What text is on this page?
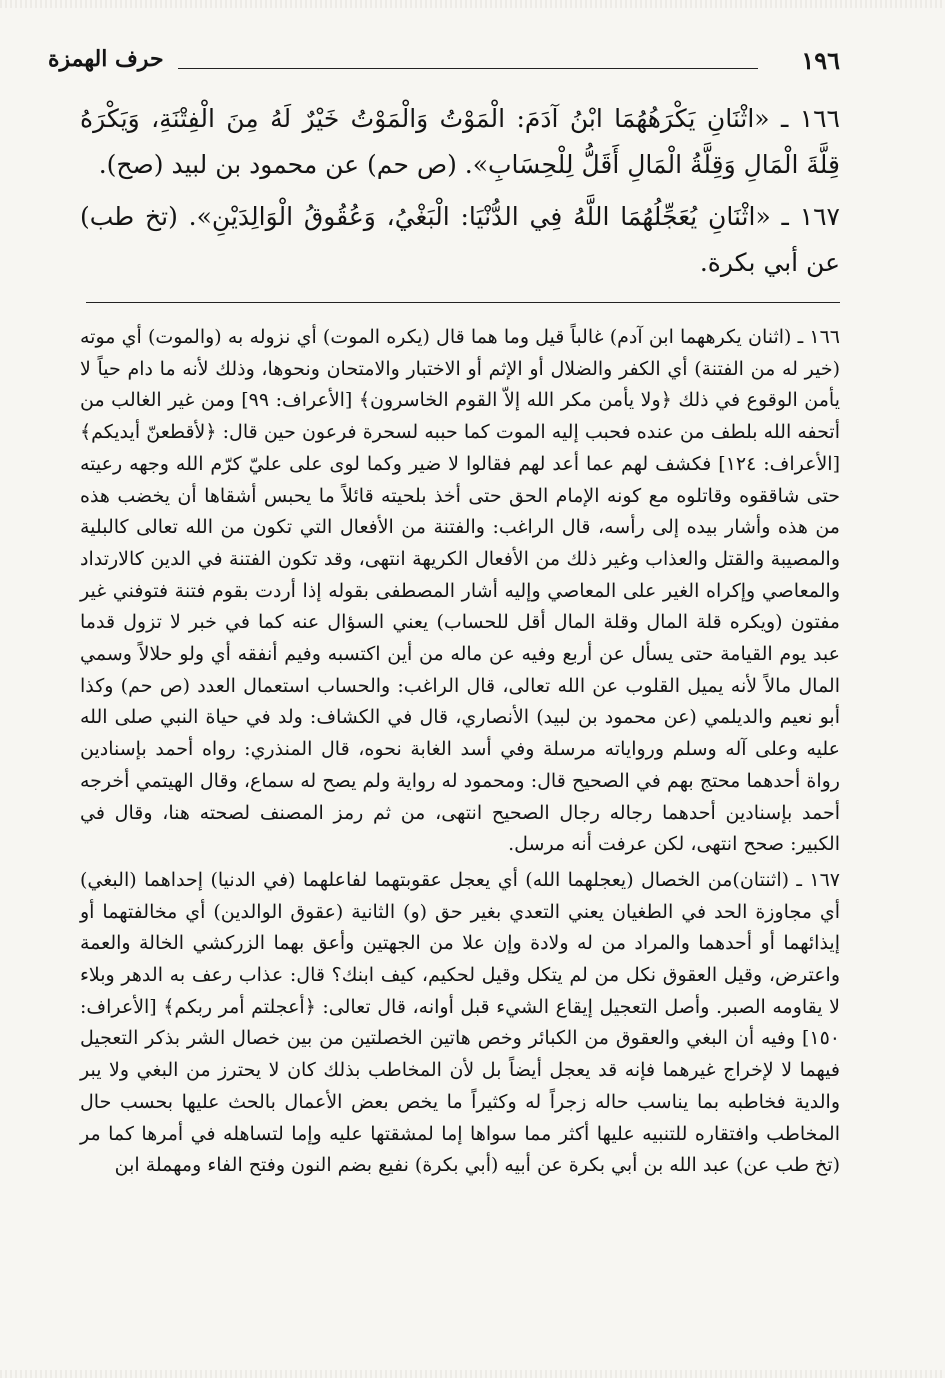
١٩٦
حرف الهمزة

١٦٦ ـ «اثْنَانِ يَكْرَهُهُمَا ابْنُ آدَمَ: الْمَوْتُ وَالْمَوْتُ خَيْرٌ لَهُ مِنَ الْفِتْنَةِ، وَيَكْرَهُ قِلَّةَ الْمَالِ وَقِلَّةُ الْمَالِ أَقَلُّ لِلْحِسَابِ». (ص حم) عن محمود بن لبيد (صح).

١٦٧ ـ «اثْنَانِ يُعَجِّلُهُمَا اللَّهُ فِي الدُّنْيَا: الْبَغْيُ، وَعُقُوقُ الْوَالِدَيْنِ». (تخ طب) عن أبي بكرة.

١٦٦ ـ (اثنان يكرههما ابن آدم) غالباً قيل وما هما قال (يكره الموت) أي نزوله به (والموت) أي موته (خير له من الفتنة) أي الكفر والضلال أو الإثم أو الاختبار والامتحان ونحوها، وذلك لأنه ما دام حياً لا يأمن الوقوع في ذلك ﴿ولا يأمن مكر الله إلاّ القوم الخاسرون﴾ [الأعراف: ٩٩] ومن غير الغالب من أتحفه الله بلطف من عنده فحبب إليه الموت كما حببه لسحرة فرعون حين قال: ﴿لأقطعنّ أيديكم﴾ [الأعراف: ١٢٤] فكشف لهم عما أعد لهم فقالوا لا ضير وكما لوى على عليّ كرّم الله وجهه رعيته حتى شاققوه وقاتلوه مع كونه الإمام الحق حتى أخذ بلحيته قائلاً ما يحبس أشقاها أن يخضب هذه من هذه وأشار بيده إلى رأسه، قال الراغب: والفتنة من الأفعال التي تكون من الله تعالى كالبلية والمصيبة والقتل والعذاب وغير ذلك من الأفعال الكريهة انتهى، وقد تكون الفتنة في الدين كالارتداد والمعاصي وإكراه الغير على المعاصي وإليه أشار المصطفى بقوله إذا أردت بقوم فتنة فتوفني غير مفتون (ويكره قلة المال وقلة المال أقل للحساب) يعني السؤال عنه كما في خبر لا تزول قدما عبد يوم القيامة حتى يسأل عن أربع وفيه عن ماله من أين اكتسبه وفيم أنفقه أي ولو حلالاً وسمي المال مالاً لأنه يميل القلوب عن الله تعالى، قال الراغب: والحساب استعمال العدد (ص حم) وكذا أبو نعيم والديلمي (عن محمود بن لبيد) الأنصاري، قال في الكشاف: ولد في حياة النبي صلى الله عليه وعلى آله وسلم ورواياته مرسلة وفي أسد الغابة نحوه، قال المنذري: رواه أحمد بإسنادين رواة أحدهما محتج بهم في الصحيح قال: ومحمود له رواية ولم يصح له سماع، وقال الهيتمي أخرجه أحمد بإسنادين أحدهما رجاله رجال الصحيح انتهى، من ثم رمز المصنف لصحته هنا، وقال في الكبير: صحح انتهى، لكن عرفت أنه مرسل.

١٦٧ ـ (اثنتان)من الخصال (يعجلهما الله) أي يعجل عقوبتهما لفاعلهما (في الدنيا) إحداهما (البغي) أي مجاوزة الحد في الطغيان يعني التعدي بغير حق (و) الثانية (عقوق الوالدين) أي مخالفتهما أو إيذائهما أو أحدهما والمراد من له ولادة وإن علا من الجهتين وأعق بهما الزركشي الخالة والعمة واعترض، وقيل العقوق نكل من لم يتكل وقيل لحكيم، كيف ابنك؟ قال: عذاب رعف به الدهر وبلاء لا يقاومه الصبر. وأصل التعجيل إيقاع الشيء قبل أوانه، قال تعالى: ﴿أعجلتم أمر ربكم﴾ [الأعراف: ١٥٠] وفيه أن البغي والعقوق من الكبائر وخص هاتين الخصلتين من بين خصال الشر بذكر التعجيل فيهما لا لإخراج غيرهما فإنه قد يعجل أيضاً بل لأن المخاطب بذلك كان لا يحترز من البغي ولا يبر والدية فخاطبه بما يناسب حاله زجراً له وكثيراً ما يخص بعض الأعمال بالحث عليها بحسب حال المخاطب وافتقاره للتنبيه عليها أكثر مما سواها إما لمشقتها عليه وإما لتساهله في أمرها كما مر (تخ طب عن) عبد الله بن أبي بكرة عن أبيه (أبي بكرة) نفيع بضم النون وفتح الفاء ومهملة ابن
